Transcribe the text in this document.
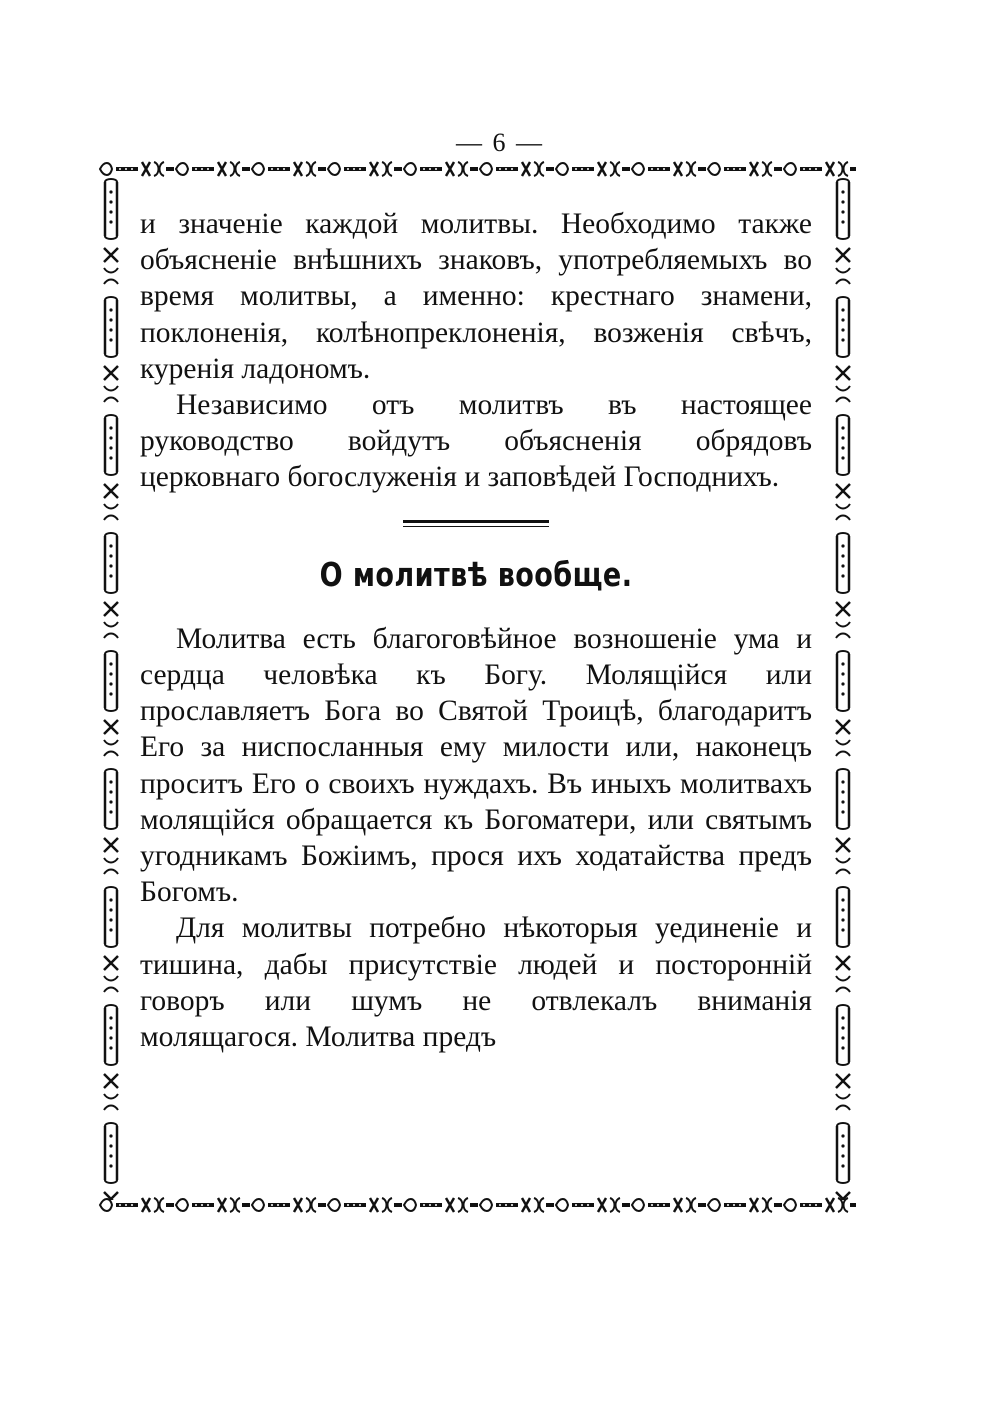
— 6 —

и значеніе каждой молитвы. Необходимо также объясненіе внѣшнихъ знаковъ, употребляемыхъ во время молитвы, а именно: крестнаго знамени, поклоненія, колѣнопреклоненія, возженія свѣчъ, куренія ладономъ.

Независимо отъ молитвъ въ настоящее руководство войдутъ объясненія обрядовъ церковнаго богослуженія и заповѣдей Господнихъ.

О молитвѣ вообще.

Молитва есть благоговѣйное возношеніе ума и сердца человѣка къ Богу. Молящійся или прославляетъ Бога во Святой Троицѣ, благодаритъ Его за ниспосланныя ему милости или, наконецъ проситъ Его о своихъ нуждахъ. Въ иныхъ молитвахъ молящійся обращается къ Богоматери, или святымъ угодникамъ Божіимъ, прося ихъ ходатайства предъ Богомъ.

Для молитвы потребно нѣкоторыя уединеніе и тишина, дабы присутствіе людей и посторонній говоръ или шумъ не отвлекалъ вниманія молящагося. Молитва предъ
